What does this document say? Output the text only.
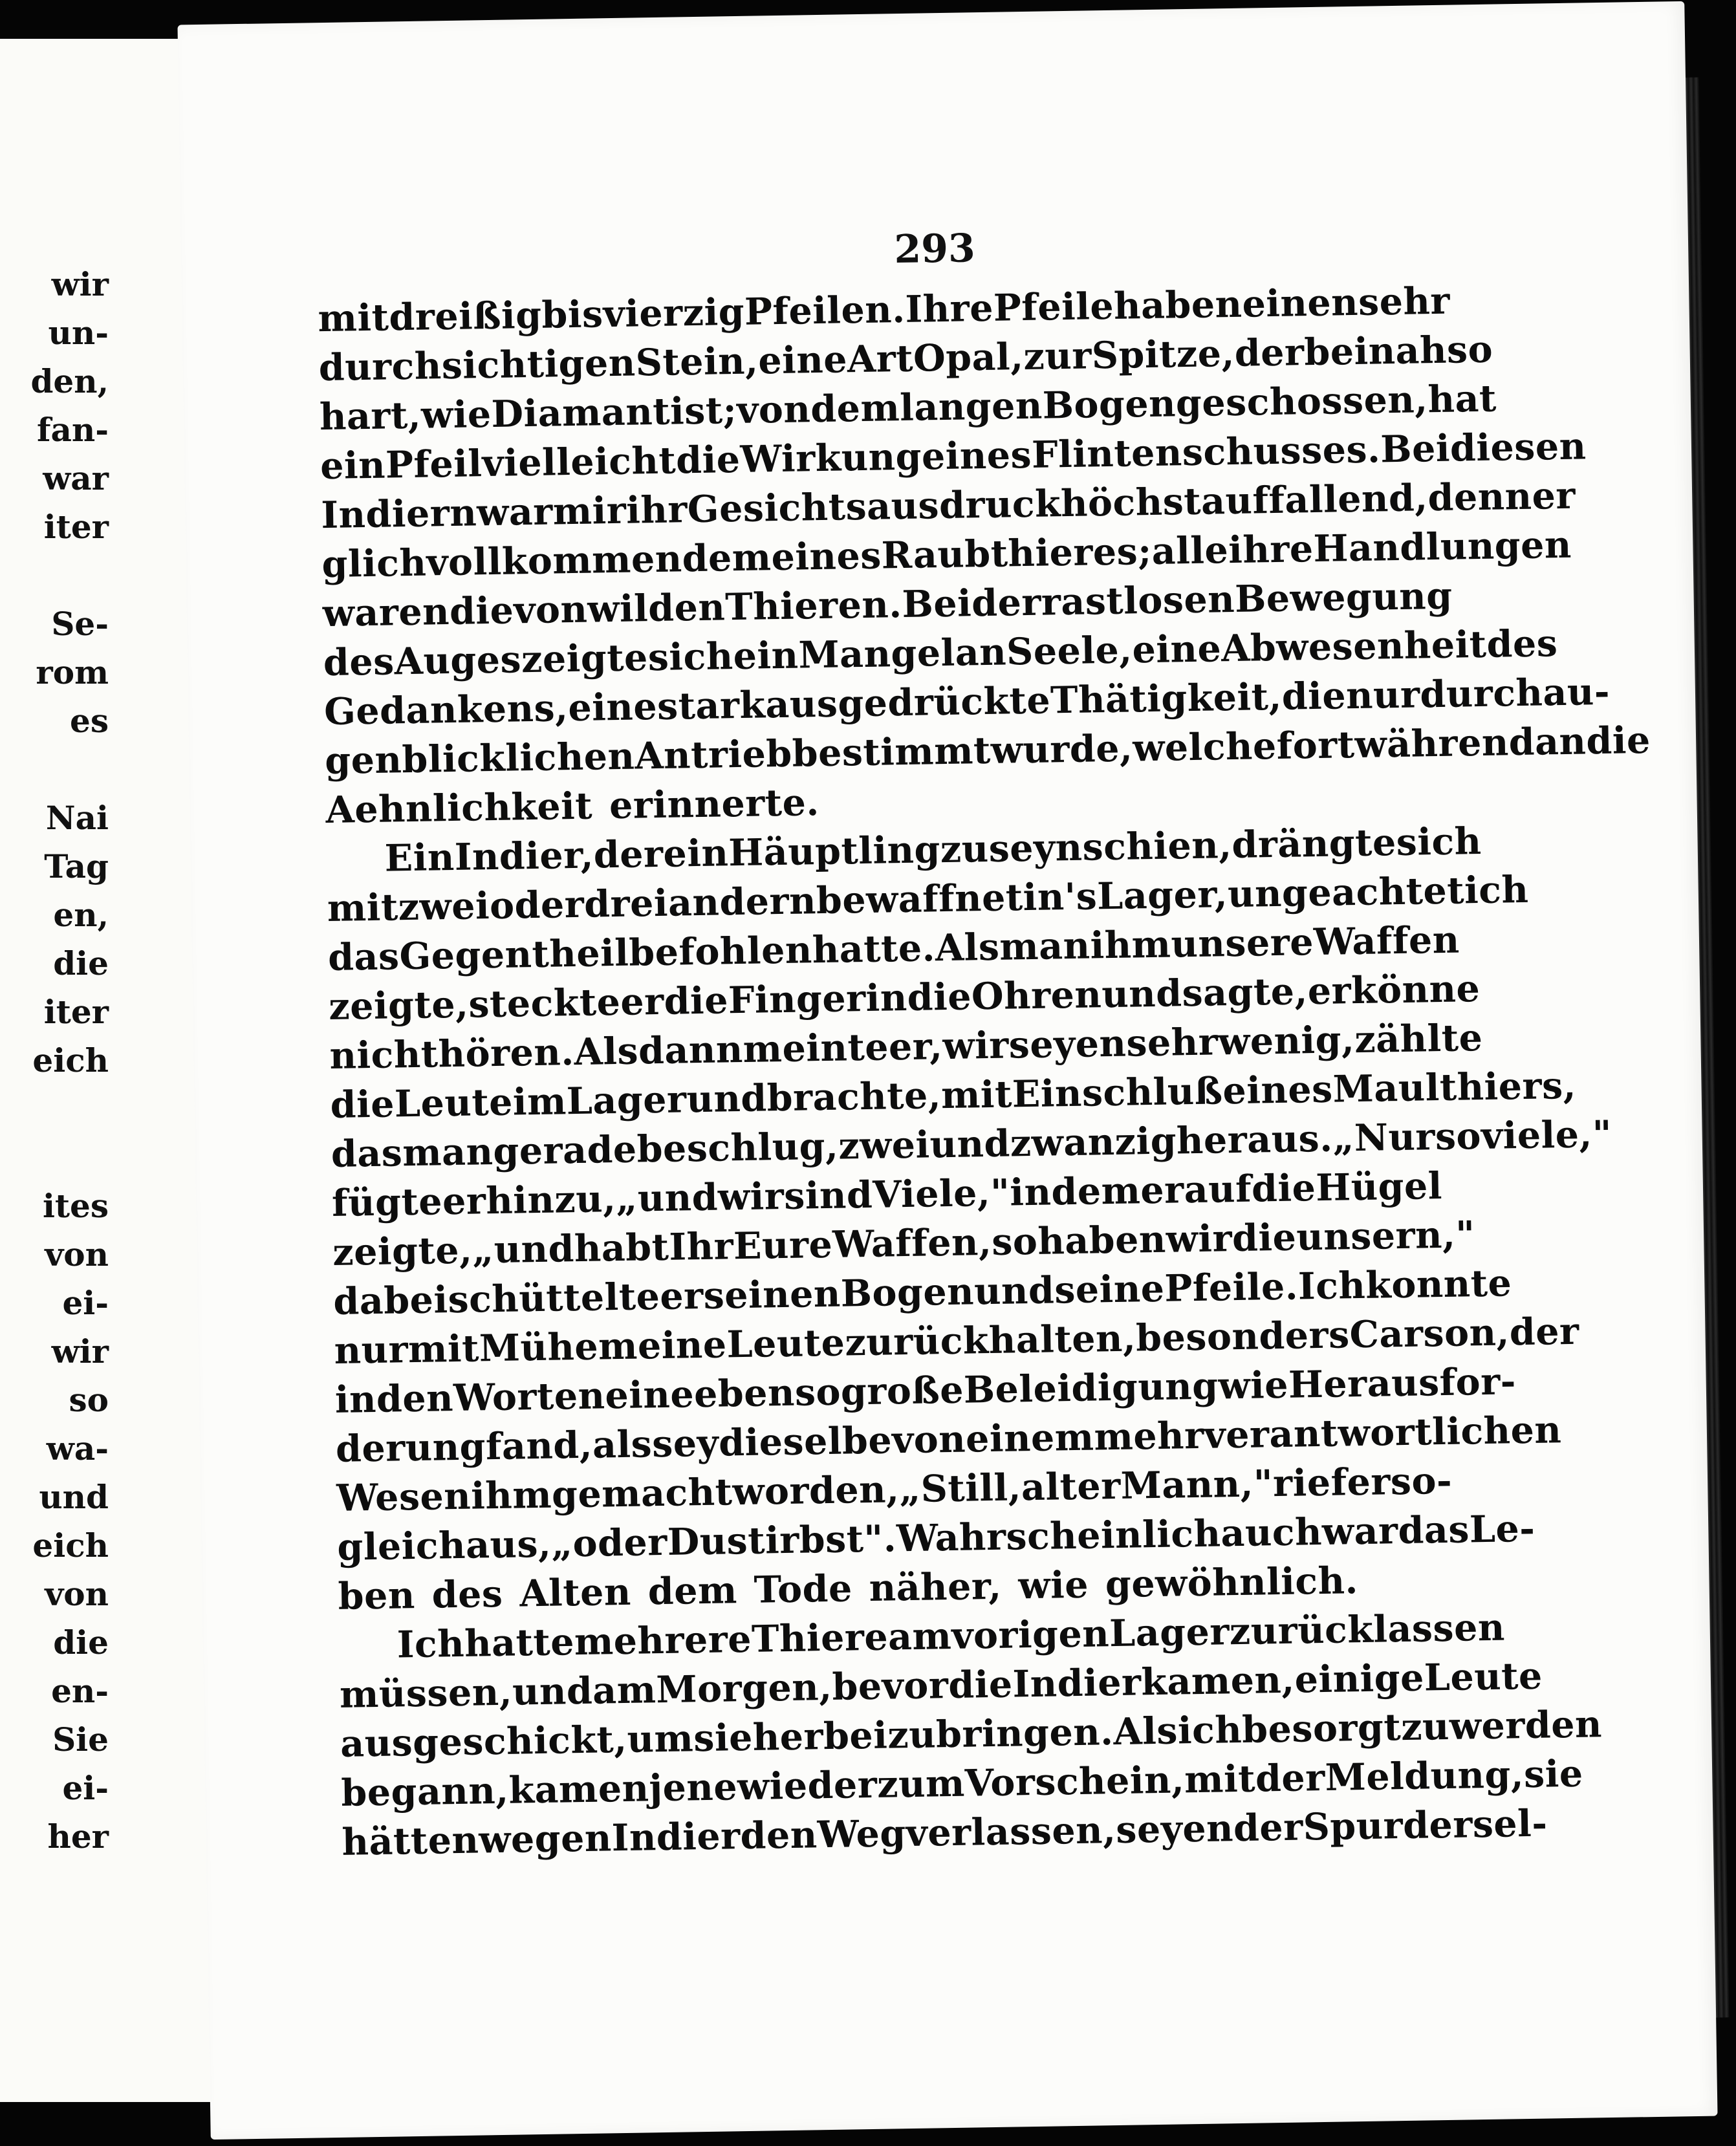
wir
un-
den,
fan-
war
iter
Se-
rom
es
Nai
Tag
en,
die
iter
eich
ites
von
ei-
wir
so
wa-
und
eich
von
die
en-
Sie
ei-
her
293
mit
dreißig
bis
vierzig
Pfeilen.
Ihre
Pfeile
haben
einen
sehr
durchsichtigen
Stein,
eine
Art
Opal,
zur
Spitze,
der
beinah
so
hart,
wie
Diamant
ist;
von
dem
langen
Bogen
geschossen,
hat
ein
Pfeil
vielleicht
die
Wirkung
eines
Flintenschusses.
Bei
diesen
Indiern
war
mir
ihr
Gesichtsausdruck
höchst
auffallend,
denn
er
glich
vollkommen
dem
eines
Raubthieres;
alle
ihre
Handlungen
waren
die
von
wilden
Thieren.
Bei
der
rastlosen
Bewegung
des
Auges
zeigte
sich
ein
Mangel
an
Seele,
eine
Abwesenheit
des
Gedankens,
eine
stark
ausgedrückte
Thätigkeit,
die
nur
durch
au-
genblicklichen
Antrieb
bestimmt
wurde,
welche
fortwährend
an
die
Aehnlichkeit erinnerte.
Ein
Indier,
der
ein
Häuptling
zu
seyn
schien,
drängte
sich
mit
zwei
oder
drei
andern
bewaffnet
in's
Lager,
ungeachtet
ich
das
Gegentheil
befohlen
hatte.
Als
man
ihm
unsere
Waffen
zeigte,
steckte
er
die
Finger
in
die
Ohren
und
sagte,
er
könne
nicht
hören.
Alsdann
meinte
er,
wir
seyen
sehr
wenig,
zählte
die
Leute
im
Lager
und
brachte,
mit
Einschluß
eines
Maulthiers,
das
man
gerade
beschlug,
zweiundzwanzig
heraus.
„Nur
so
viele,"
fügte
er
hinzu,
„und
wir
sind
Viele,"
indem
er
auf
die
Hügel
zeigte,
„und
habt
Ihr
Eure
Waffen,
so
haben
wir
die
unsern,"
dabei
schüttelte
er
seinen
Bogen
und
seine
Pfeile.
Ich
konnte
nur
mit
Mühe
meine
Leute
zurückhalten,
besonders
Carson,
der
in
den
Worten
eine
eben
so
große
Beleidigung
wie
Herausfor-
derung
fand,
als
sey
dieselbe
von
einem
mehr
verantwortlichen
Wesen
ihm
gemacht
worden,
„Still,
alter
Mann,"
rief
er
so-
gleich
aus,
„oder
Du
stirbst".
Wahrscheinlich
auch
war
das
Le-
ben des Alten dem Tode näher, wie gewöhnlich.
Ich
hatte
mehrere
Thiere
am
vorigen
Lager
zurücklassen
müssen,
und
am
Morgen,
bevor
die
Indier
kamen,
einige
Leute
ausgeschickt,
um
sie
herbeizubringen.
Als
ich
besorgt
zu
werden
begann,
kamen
jene
wieder
zum
Vorschein,
mit
der
Meldung,
sie
hätten
wegen
Indier
den
Weg
verlassen,
seyen
der
Spur
dersel-
